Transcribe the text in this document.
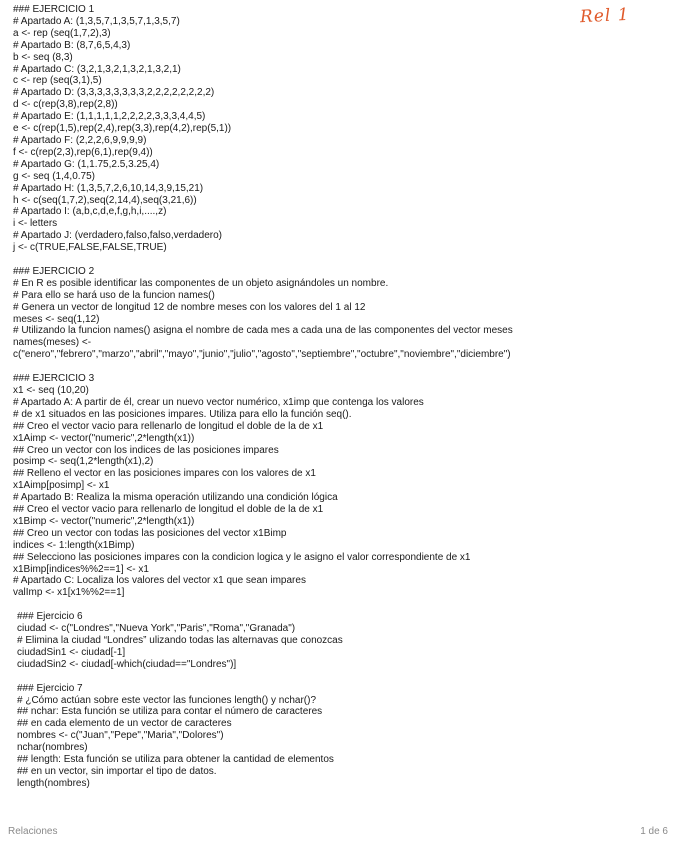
Rel 1
### EJERCICIO 1
# Apartado A: (1,3,5,7,1,3,5,7,1,3,5,7)
a <- rep (seq(1,7,2),3)
# Apartado B: (8,7,6,5,4,3)
b <- seq (8,3)
# Apartado C: (3,2,1,3,2,1,3,2,1,3,2,1)
c <- rep (seq(3,1),5)
# Apartado D: (3,3,3,3,3,3,3,3,2,2,2,2,2,2,2,2)
d <- c(rep(3,8),rep(2,8))
# Apartado E: (1,1,1,1,1,2,2,2,2,3,3,3,4,4,5)
e <- c(rep(1,5),rep(2,4),rep(3,3),rep(4,2),rep(5,1))
# Apartado F: (2,2,2,6,9,9,9,9)
f <- c(rep(2,3),rep(6,1),rep(9,4))
# Apartado G: (1,1.75,2.5,3.25,4)
g <- seq (1,4,0.75)
# Apartado H: (1,3,5,7,2,6,10,14,3,9,15,21)
h <- c(seq(1,7,2),seq(2,14,4),seq(3,21,6))
# Apartado I: (a,b,c,d,e,f,g,h,i,....,z)
i <- letters
# Apartado J: (verdadero,falso,falso,verdadero)
j <- c(TRUE,FALSE,FALSE,TRUE)
### EJERCICIO 2
# En R es posible identificar las componentes de un objeto asignándoles un nombre.
# Para ello se hará uso de la funcion names()
# Genera un vector de longitud 12 de nombre meses con los valores del 1 al 12
meses <- seq(1,12)
# Utilizando la funcion names() asigna el nombre de cada mes a cada una de las componentes del vector meses
names(meses) <-
c("enero","febrero","marzo","abril","mayo","junio","julio","agosto","septiembre","octubre","noviembre","diciembre")
### EJERCICIO 3
x1 <- seq (10,20)
# Apartado A: A partir de él, crear un nuevo vector numérico, x1imp que contenga los valores
# de x1 situados en las posiciones impares. Utiliza para ello la función seq().
## Creo el vector vacio para rellenarlo de longitud el doble de la de x1
x1Aimp <- vector("numeric",2*length(x1))
## Creo un vector con los indices de las posiciones impares
posimp <- seq(1,2*length(x1),2)
## Relleno el vector en las posiciones impares con los valores de x1
x1Aimp[posimp] <- x1
# Apartado B: Realiza la misma operación utilizando una condición lógica
## Creo el vector vacio para rellenarlo de longitud el doble de la de x1
x1Bimp <- vector("numeric",2*length(x1))
## Creo un vector con todas las posiciones del vector x1Bimp
indices <- 1:length(x1Bimp)
## Selecciono las posiciones impares con la condicion logica y le asigno el valor correspondiente de x1
x1Bimp[indices%%2==1] <- x1
# Apartado C: Localiza los valores del vector x1 que sean impares
valImp <- x1[x1%%2==1]
### Ejercicio 6
ciudad <- c("Londres","Nueva York","Paris","Roma","Granada")
# Elimina la ciudad “Londres” ulizando todas las alternavas que conozcas
ciudadSin1 <- ciudad[-1]
ciudadSin2 <- ciudad[-which(ciudad=="Londres")]
### Ejercicio 7
# ¿Cómo actúan sobre este vector las funciones length() y nchar()?
## nchar: Esta función se utiliza para contar el número de caracteres
## en cada elemento de un vector de caracteres
nombres <- c("Juan","Pepe","Maria","Dolores")
nchar(nombres)
## length: Esta función se utiliza para obtener la cantidad de elementos
## en un vector, sin importar el tipo de datos.
length(nombres)
Relaciones	1 de 6
